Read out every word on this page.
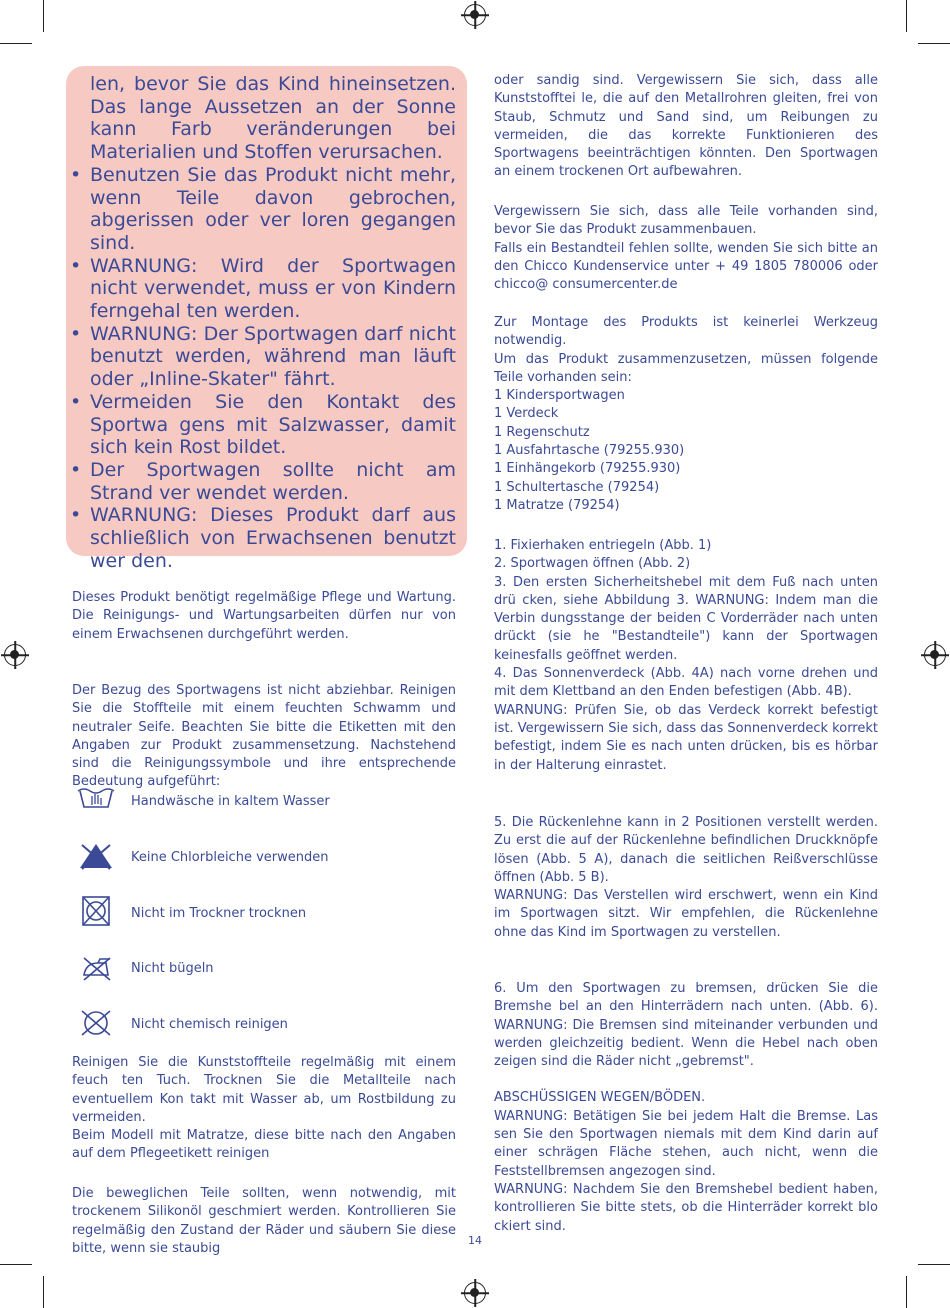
len, bevor Sie das Kind hineinsetzen. Das lange Aussetzen an der Sonne kann Farb veränderungen bei Materialien und Stoffen verursachen.
• Benutzen Sie das Produkt nicht mehr, wenn Teile davon gebrochen, abgerissen oder ver loren gegangen sind.
• WARNUNG: Wird der Sportwagen nicht verwendet, muss er von Kindern ferngehal ten werden.
• WARNUNG: Der Sportwagen darf nicht benutzt werden, während man läuft oder „Inline-Skater" fährt.
• Vermeiden Sie den Kontakt des Sportwa gens mit Salzwasser, damit sich kein Rost bildet.
• Der Sportwagen sollte nicht am Strand ver wendet werden.
• WARNUNG: Dieses Produkt darf aus schließlich von Erwachsenen benutzt wer den.

Dieses Produkt benötigt regelmäßige Pflege und Wartung. Die Reinigungs- und Wartungsarbeiten dürfen nur von einem Erwachsenen durchgeführt werden.

Der Bezug des Sportwagens ist nicht abziehbar. Reinigen Sie die Stoffteile mit einem feuchten Schwamm und neutraler Seife. Beachten Sie bitte die Etiketten mit den Angaben zur Produkt zusammensetzung. Nachstehend sind die Reinigungssymbole und ihre entsprechende Bedeutung aufgeführt:

Handwäsche in kaltem Wasser
Keine Chlorbleiche verwenden
Nicht im Trockner trocknen
Nicht bügeln
Nicht chemisch reinigen

Reinigen Sie die Kunststoffteile regelmäßig mit einem feuch ten Tuch. Trocknen Sie die Metallteile nach eventuellem Kon takt mit Wasser ab, um Rostbildung zu vermeiden.

Beim Modell mit Matratze, diese bitte nach den Angaben auf dem Pflegeetikett reinigen

Die beweglichen Teile sollten, wenn notwendig, mit trockenem Silikonöl geschmiert werden. Kontrollieren Sie regelmäßig den Zustand der Räder und säubern Sie diese bitte, wenn sie staubig

oder sandig sind. Vergewissern Sie sich, dass alle Kunststofftei le, die auf den Metallrohren gleiten, frei von Staub, Schmutz und Sand sind, um Reibungen zu vermeiden, die das korrekte Funktionieren des Sportwagens beeinträchtigen könnten. Den Sportwagen an einem trockenen Ort aufbewahren.

Vergewissern Sie sich, dass alle Teile vorhanden sind, bevor Sie das Produkt zusammenbauen.

Falls ein Bestandteil fehlen sollte, wenden Sie sich bitte an den Chicco Kundenservice unter + 49 1805 780006 oder chicco@ consumercenter.de

Zur Montage des Produkts ist keinerlei Werkzeug notwendig.

Um das Produkt zusammenzusetzen, müssen folgende Teile vorhanden sein:

1 Kindersportwagen

1 Verdeck

1 Regenschutz

1 Ausfahrtasche (79255.930)

1 Einhängekorb (79255.930)

1 Schultertasche (79254)

1 Matratze (79254)

1. Fixierhaken entriegeln (Abb. 1)

2. Sportwagen öffnen (Abb. 2)

3. Den ersten Sicherheitshebel mit dem Fuß nach unten drü cken, siehe Abbildung 3. WARNUNG: Indem man die Verbin dungsstange der beiden C Vorderräder nach unten drückt (sie he "Bestandteile") kann der Sportwagen keinesfalls geöffnet werden.

4. Das Sonnenverdeck (Abb. 4A) nach vorne drehen und mit dem Klettband an den Enden befestigen (Abb. 4B).

WARNUNG: Prüfen Sie, ob das Verdeck korrekt befestigt ist. Vergewissern Sie sich, dass das Sonnenverdeck korrekt befestigt, indem Sie es nach unten drücken, bis es hörbar in der Halterung einrastet.

5. Die Rückenlehne kann in 2 Positionen verstellt werden. Zu erst die auf der Rückenlehne befindlichen Druckknöpfe lösen (Abb. 5 A), danach die seitlichen Reißverschlüsse öffnen (Abb. 5 B).

WARNUNG: Das Verstellen wird erschwert, wenn ein Kind im Sportwagen sitzt. Wir empfehlen, die Rückenlehne ohne das Kind im Sportwagen zu verstellen.

6. Um den Sportwagen zu bremsen, drücken Sie die Bremshe bel an den Hinterrädern nach unten. (Abb. 6). WARNUNG: Die Bremsen sind miteinander verbunden und werden gleichzeitig bedient. Wenn die Hebel nach oben zeigen sind die Räder nicht „gebremst".

ABSCHÜSSIGEN WEGEN/BÖDEN.

WARNUNG: Betätigen Sie bei jedem Halt die Bremse. Las sen Sie den Sportwagen niemals mit dem Kind darin auf einer schrägen Fläche stehen, auch nicht, wenn die Feststellbremsen angezogen sind.

WARNUNG: Nachdem Sie den Bremshebel bedient haben, kontrollieren Sie bitte stets, ob die Hinterräder korrekt blo ckiert sind.

14
